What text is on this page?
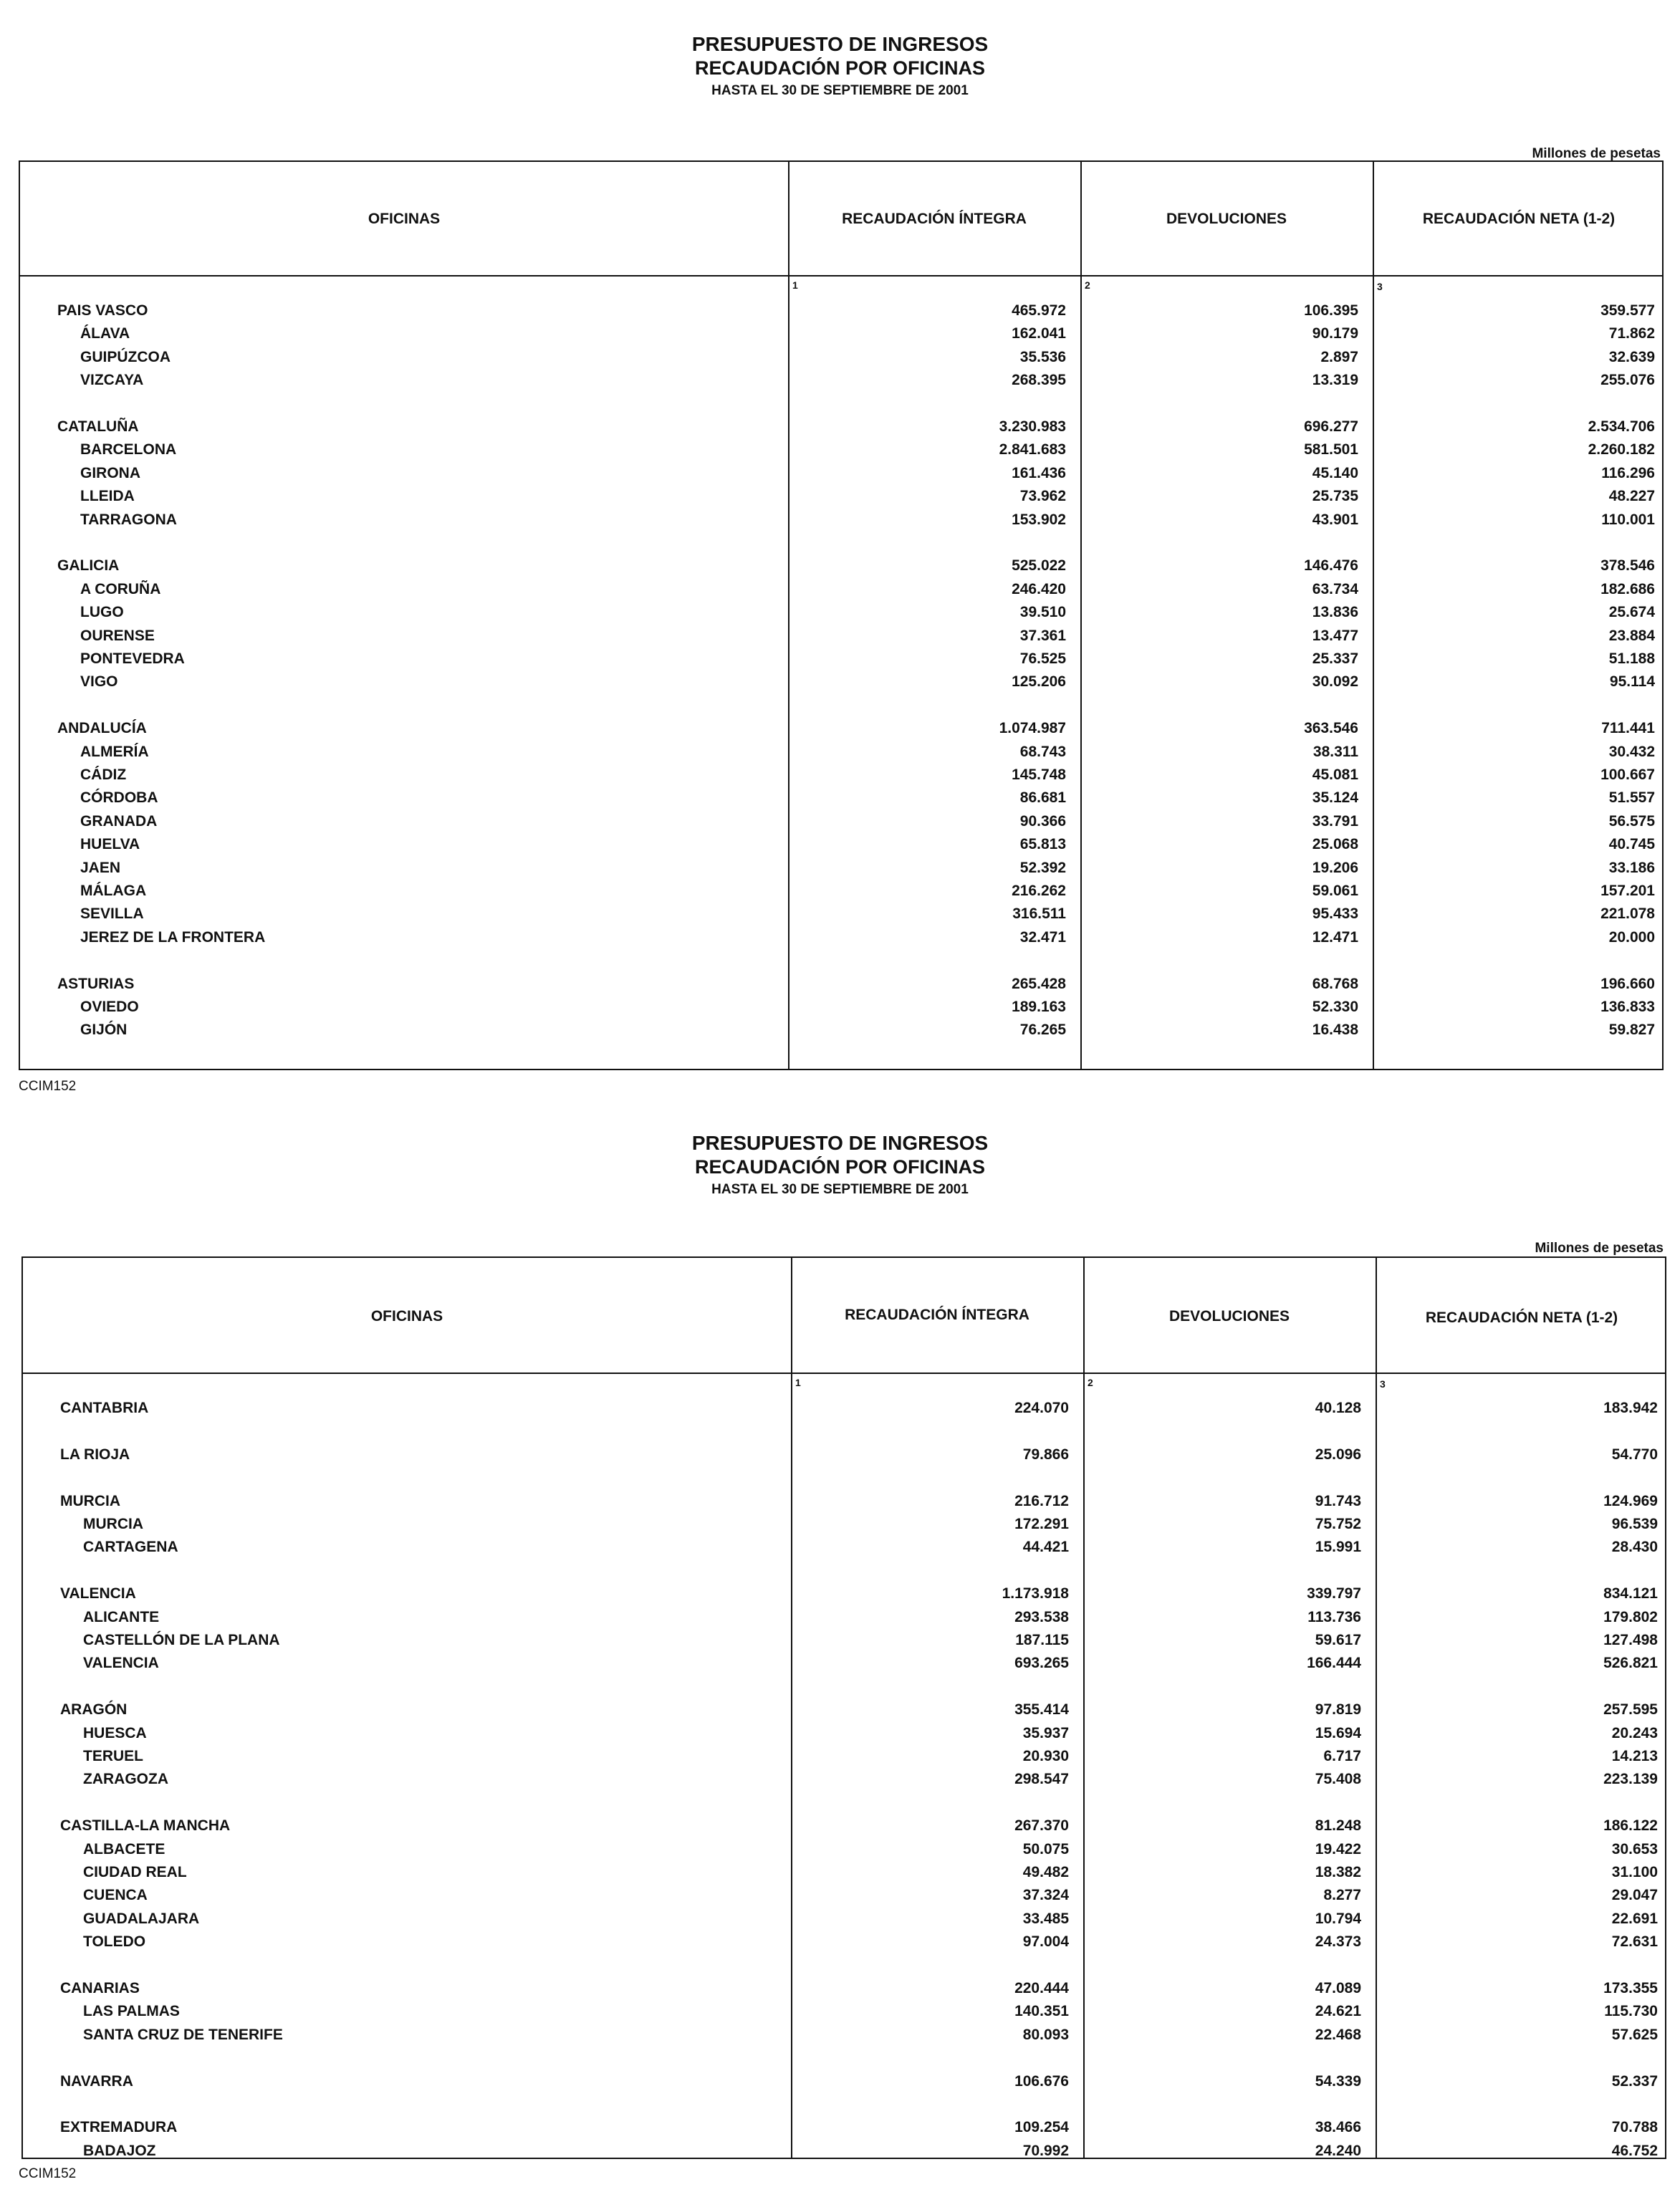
PRESUPUESTO DE INGRESOS
RECAUDACIÓN POR OFICINAS
HASTA EL 30 DE SEPTIEMBRE DE 2001
Millones de pesetas
OFICINAS	RECAUDACIÓN ÍNTEGRA	DEVOLUCIONES	RECAUDACIÓN NETA (1-2)
1	2	3
PAIS VASCO	465.972	106.395	359.577
ÁLAVA	162.041	90.179	71.862
GUIPÚZCOA	35.536	2.897	32.639
VIZCAYA	268.395	13.319	255.076
CATALUÑA	3.230.983	696.277	2.534.706
BARCELONA	2.841.683	581.501	2.260.182
GIRONA	161.436	45.140	116.296
LLEIDA	73.962	25.735	48.227
TARRAGONA	153.902	43.901	110.001
GALICIA	525.022	146.476	378.546
A CORUÑA	246.420	63.734	182.686
LUGO	39.510	13.836	25.674
OURENSE	37.361	13.477	23.884
PONTEVEDRA	76.525	25.337	51.188
VIGO	125.206	30.092	95.114
ANDALUCÍA	1.074.987	363.546	711.441
ALMERÍA	68.743	38.311	30.432
CÁDIZ	145.748	45.081	100.667
CÓRDOBA	86.681	35.124	51.557
GRANADA	90.366	33.791	56.575
HUELVA	65.813	25.068	40.745
JAEN	52.392	19.206	33.186
MÁLAGA	216.262	59.061	157.201
SEVILLA	316.511	95.433	221.078
JEREZ DE LA FRONTERA	32.471	12.471	20.000
ASTURIAS	265.428	68.768	196.660
OVIEDO	189.163	52.330	136.833
GIJÓN	76.265	16.438	59.827
CCIM152
PRESUPUESTO DE INGRESOS
RECAUDACIÓN POR OFICINAS
HASTA EL 30 DE SEPTIEMBRE DE 2001
Millones de pesetas
OFICINAS	RECAUDACIÓN ÍNTEGRA	DEVOLUCIONES	RECAUDACIÓN NETA (1-2)
1	2	3
CANTABRIA	224.070	40.128	183.942
LA RIOJA	79.866	25.096	54.770
MURCIA	216.712	91.743	124.969
MURCIA	172.291	75.752	96.539
CARTAGENA	44.421	15.991	28.430
VALENCIA	1.173.918	339.797	834.121
ALICANTE	293.538	113.736	179.802
CASTELLÓN DE LA PLANA	187.115	59.617	127.498
VALENCIA	693.265	166.444	526.821
ARAGÓN	355.414	97.819	257.595
HUESCA	35.937	15.694	20.243
TERUEL	20.930	6.717	14.213
ZARAGOZA	298.547	75.408	223.139
CASTILLA-LA MANCHA	267.370	81.248	186.122
ALBACETE	50.075	19.422	30.653
CIUDAD REAL	49.482	18.382	31.100
CUENCA	37.324	8.277	29.047
GUADALAJARA	33.485	10.794	22.691
TOLEDO	97.004	24.373	72.631
CANARIAS	220.444	47.089	173.355
LAS PALMAS	140.351	24.621	115.730
SANTA CRUZ DE TENERIFE	80.093	22.468	57.625
NAVARRA	106.676	54.339	52.337
EXTREMADURA	109.254	38.466	70.788
BADAJOZ	70.992	24.240	46.752
CCIM152
